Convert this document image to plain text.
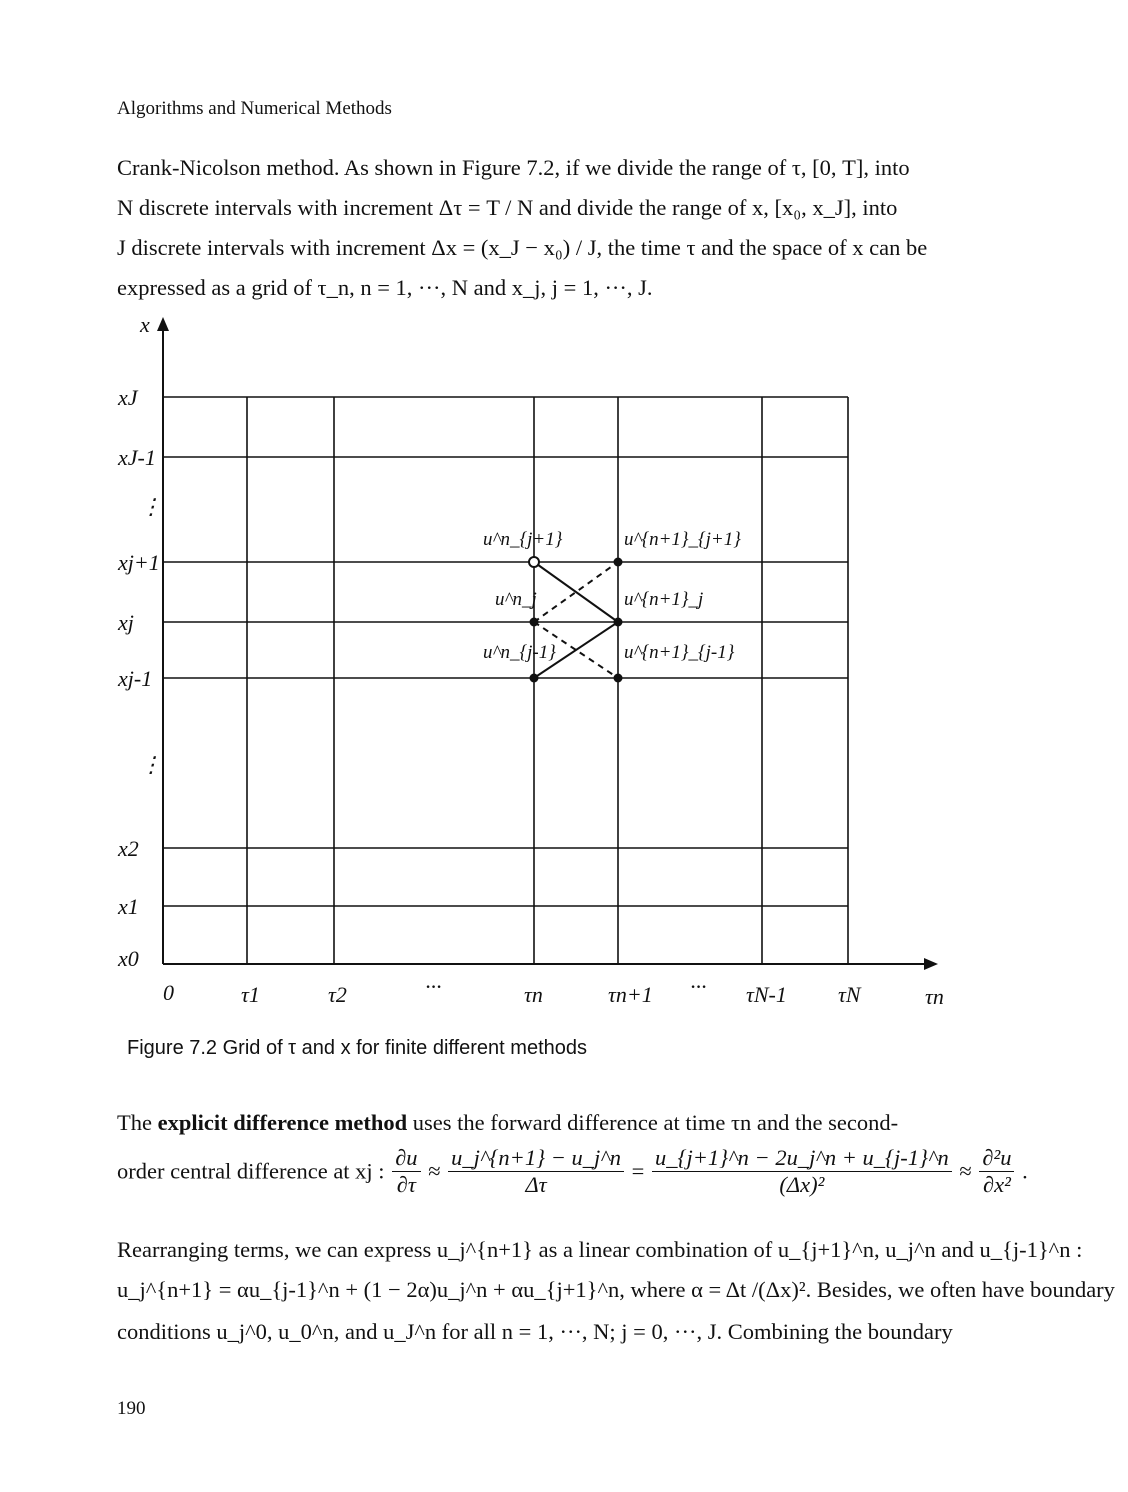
Algorithms and Numerical Methods
Crank-Nicolson method. As shown in Figure 7.2, if we divide the range of τ, [0, T], into
N discrete intervals with increment Δτ = T / N and divide the range of x, [x₀, x_J], into
J discrete intervals with increment Δx = (x_J − x₀) / J, the time τ and the space of x can be
expressed as a grid of τ_n, n = 1, ···, N and x_j, j = 1, ···, J.
x
τn
xJ
xJ-1
⋮
xj+1
xj
xj-1
⋮
x2
x1
x0
0	τ1	τ2	···	τn	τn+1 ··· τN-1 τN
u^n_{j+1}
u^n_j
u^n_{j-1}
u^{n+1}_{j+1}
u^{n+1}_j
u^{n+1}_{j-1}
Figure 7.2 Grid of τ and x for finite different methods
The explicit difference method uses the forward difference at time τn and the second-
order central difference at xj : $\frac{\partial u}{\partial\tau} \approx \frac{u\_j\^{}\{n+1\} - u\_j\^{}n}{\Delta\tau} = \frac{u\_\{j+1\}\^{}n - 2u\_j\^{}n + u\_\{j-1\}\^{}n}{\text{(Δx)²}} \approx \frac{\text{∂²u}}{\text{∂x²}}$ .
Rearranging terms, we can express u_j^{n+1} as a linear combination of u_{j+1}^n, u_j^n and u_{j-1}^n :
u_j^{n+1} = αu_{j-1}^n + (1 − 2α)u_j^n + αu_{j+1}^n, where α = Δt /(Δx)². Besides, we often have boundary
conditions u_j^0, u_0^n, and u_J^n for all n = 1, ···, N; j = 0, ···, J. Combining the boundary
190
